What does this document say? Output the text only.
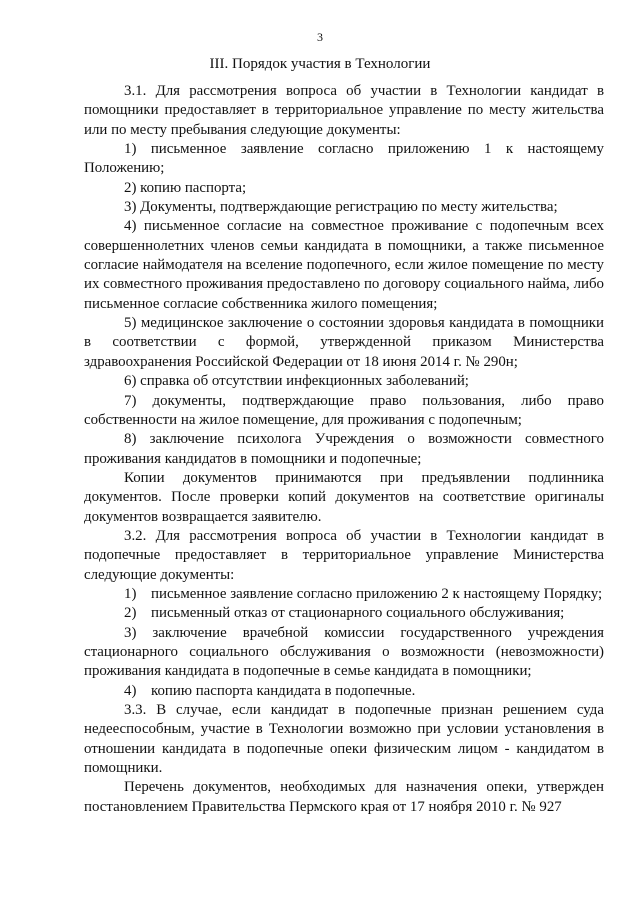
3
III. Порядок участия в Технологии

3.1. Для рассмотрения вопроса об участии в Технологии кандидат в помощники предоставляет в территориальное управление по месту жительства или по месту пребывания следующие документы:

1) письменное заявление согласно приложению 1 к настоящему Положению;

2) копию паспорта;

3) Документы, подтверждающие регистрацию по месту жительства;

4) письменное согласие на совместное проживание с подопечным всех совершеннолетних членов семьи кандидата в помощники, а также письменное согласие наймодателя на вселение подопечного, если жилое помещение по месту их совместного проживания предоставлено по договору социального найма, либо письменное согласие собственника жилого помещения;

5) медицинское заключение о состоянии здоровья кандидата в помощники в соответствии с формой, утвержденной приказом Министерства здравоохранения Российской Федерации от 18 июня 2014 г. № 290н;

6) справка об отсутствии инфекционных заболеваний;

7) документы, подтверждающие право пользования, либо право собственности на жилое помещение, для проживания с подопечным;

8) заключение психолога Учреждения о возможности совместного проживания кандидатов в помощники и подопечные;

Копии документов принимаются при предъявлении подлинника документов. После проверки копий документов на соответствие оригиналы документов возвращается заявителю.

3.2. Для рассмотрения вопроса об участии в Технологии кандидат в подопечные предоставляет в территориальное управление Министерства следующие документы:

1) письменное заявление согласно приложению 2 к настоящему Порядку;

2) письменный отказ от стационарного социального обслуживания;

3) заключение врачебной комиссии государственного учреждения стационарного социального обслуживания о возможности (невозможности) проживания кандидата в подопечные в семье кандидата в помощники;

4) копию паспорта кандидата в подопечные.

3.3. В случае, если кандидат в подопечные признан решением суда недееспособным, участие в Технологии возможно при условии установления в отношении кандидата в подопечные опеки физическим лицом - кандидатом в помощники.

Перечень документов, необходимых для назначения опеки, утвержден постановлением Правительства Пермского края от 17 ноября 2010 г. № 927
